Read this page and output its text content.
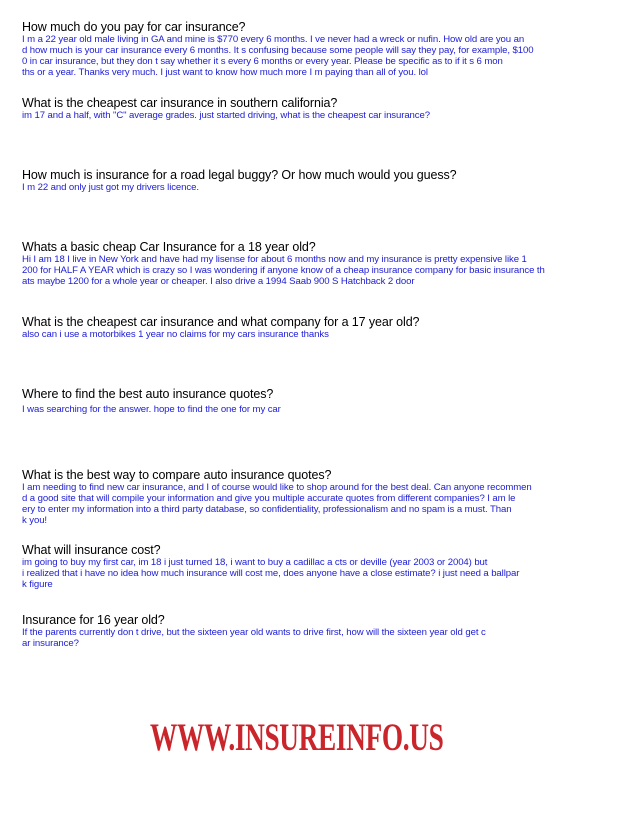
How much do you pay for car insurance?

I m a 22 year old male living in GA and mine is $770 every 6 months. I ve never had a wreck or nufin. How old are you an

d how much is your car insurance every 6 months. It s confusing because some people will say they pay, for example, $100

0 in car insurance, but they don t say whether it s every 6 months or every year. Please be specific as to if it s 6 mon

ths or a year. Thanks very much. I just want to know how much more I m paying than all of you. lol

What is the cheapest car insurance in southern california?

im 17 and a half, with "C" average grades. just started driving, what is the cheapest car insurance?

How much is insurance for a road legal buggy? Or how much would you guess?

I m 22 and only just got my drivers licence.

Whats a basic cheap Car Insurance for a 18 year old?

Hi I am 18 I live in New York and have had my lisense for about 6 months now and my insurance is pretty expensive like 1

200 for HALF A YEAR which is crazy so I was wondering if anyone know of a cheap insurance company for basic insurance th

ats maybe 1200 for a whole year or cheaper. I also drive a 1994 Saab 900 S Hatchback 2 door

What is the cheapest car insurance and what company for a 17 year old?

also can i use a motorbikes 1 year no claims for my cars insurance thanks

Where to find the best auto insurance quotes?

I was searching for the answer. hope to find the one for my car

What is the best way to compare auto insurance quotes?

I am needing to find new car insurance, and I of course would like to shop around for the best deal. Can anyone recommen

d a good site that will compile your information and give you multiple accurate quotes from different companies? I am le

ery to enter my information into a third party database, so confidentiality, professionalism and no spam is a must. Than

k you!

What will insurance cost?

im going to buy my first car, im 18 i just turned 18, i want to buy a cadillac a cts or deville (year 2003 or 2004) but

i realized that i have no idea how much insurance will cost me, does anyone have a close estimate? i just need a ballpar

k figure

Insurance for 16 year old?

If the parents currently don t drive, but the sixteen year old wants to drive first, how will the sixteen year old get c

ar insurance?

WWW.INSUREINFO.US
